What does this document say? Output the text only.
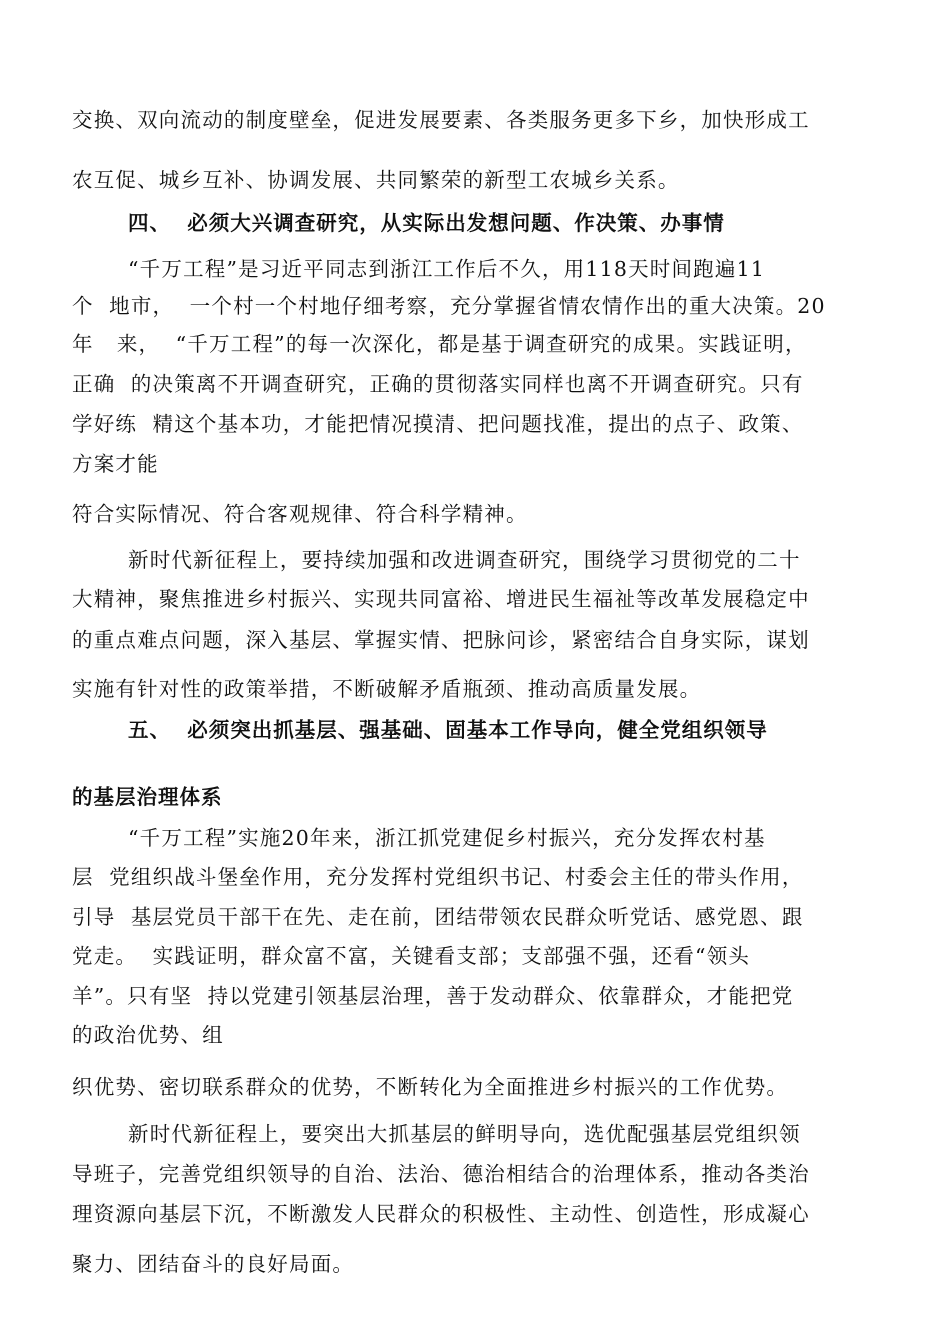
交换、双向流动的制度壁垒，促进发展要素、各类服务更多下乡，加快形成工

农互促、城乡互补、协调发展、共同繁荣的新型工农城乡关系。

四、  必须大兴调查研究，从实际出发想问题、作决策、办事情

“千万工程”是习近平同志到浙江工作后不久，用118天时间跑遍11

个  地市，  一个村一个村地仔细考察，充分掌握省情农情作出的重大决策。20

年   来，  “千万工程”的每一次深化，都是基于调查研究的成果。实践证明，

正确  的决策离不开调查研究，正确的贯彻落实同样也离不开调查研究。只有

学好练  精这个基本功，才能把情况摸清、把问题找准，提出的点子、政策、

方案才能

符合实际情况、符合客观规律、符合科学精神。

新时代新征程上，要持续加强和改进调查研究，围绕学习贯彻党的二十

大精神，聚焦推进乡村振兴、实现共同富裕、增进民生福祉等改革发展稳定中

的重点难点问题，深入基层、掌握实情、把脉问诊，紧密结合自身实际，谋划

实施有针对性的政策举措，不断破解矛盾瓶颈、推动高质量发展。

五、  必须突出抓基层、强基础、固基本工作导向，健全党组织领导

的基层治理体系

“千万工程”实施20年来，浙江抓党建促乡村振兴，充分发挥农村基

层  党组织战斗堡垒作用，充分发挥村党组织书记、村委会主任的带头作用，

引导  基层党员干部干在先、走在前，团结带领农民群众听党话、感党恩、跟

党走。  实践证明，群众富不富，关键看支部；支部强不强，还看“领头

羊”。只有坚  持以党建引领基层治理，善于发动群众、依靠群众，才能把党

的政治优势、组

织优势、密切联系群众的优势，不断转化为全面推进乡村振兴的工作优势。

新时代新征程上，要突出大抓基层的鲜明导向，选优配强基层党组织领

导班子，完善党组织领导的自治、法治、德治相结合的治理体系，推动各类治

理资源向基层下沉，不断激发人民群众的积极性、主动性、创造性，形成凝心

聚力、团结奋斗的良好局面。
